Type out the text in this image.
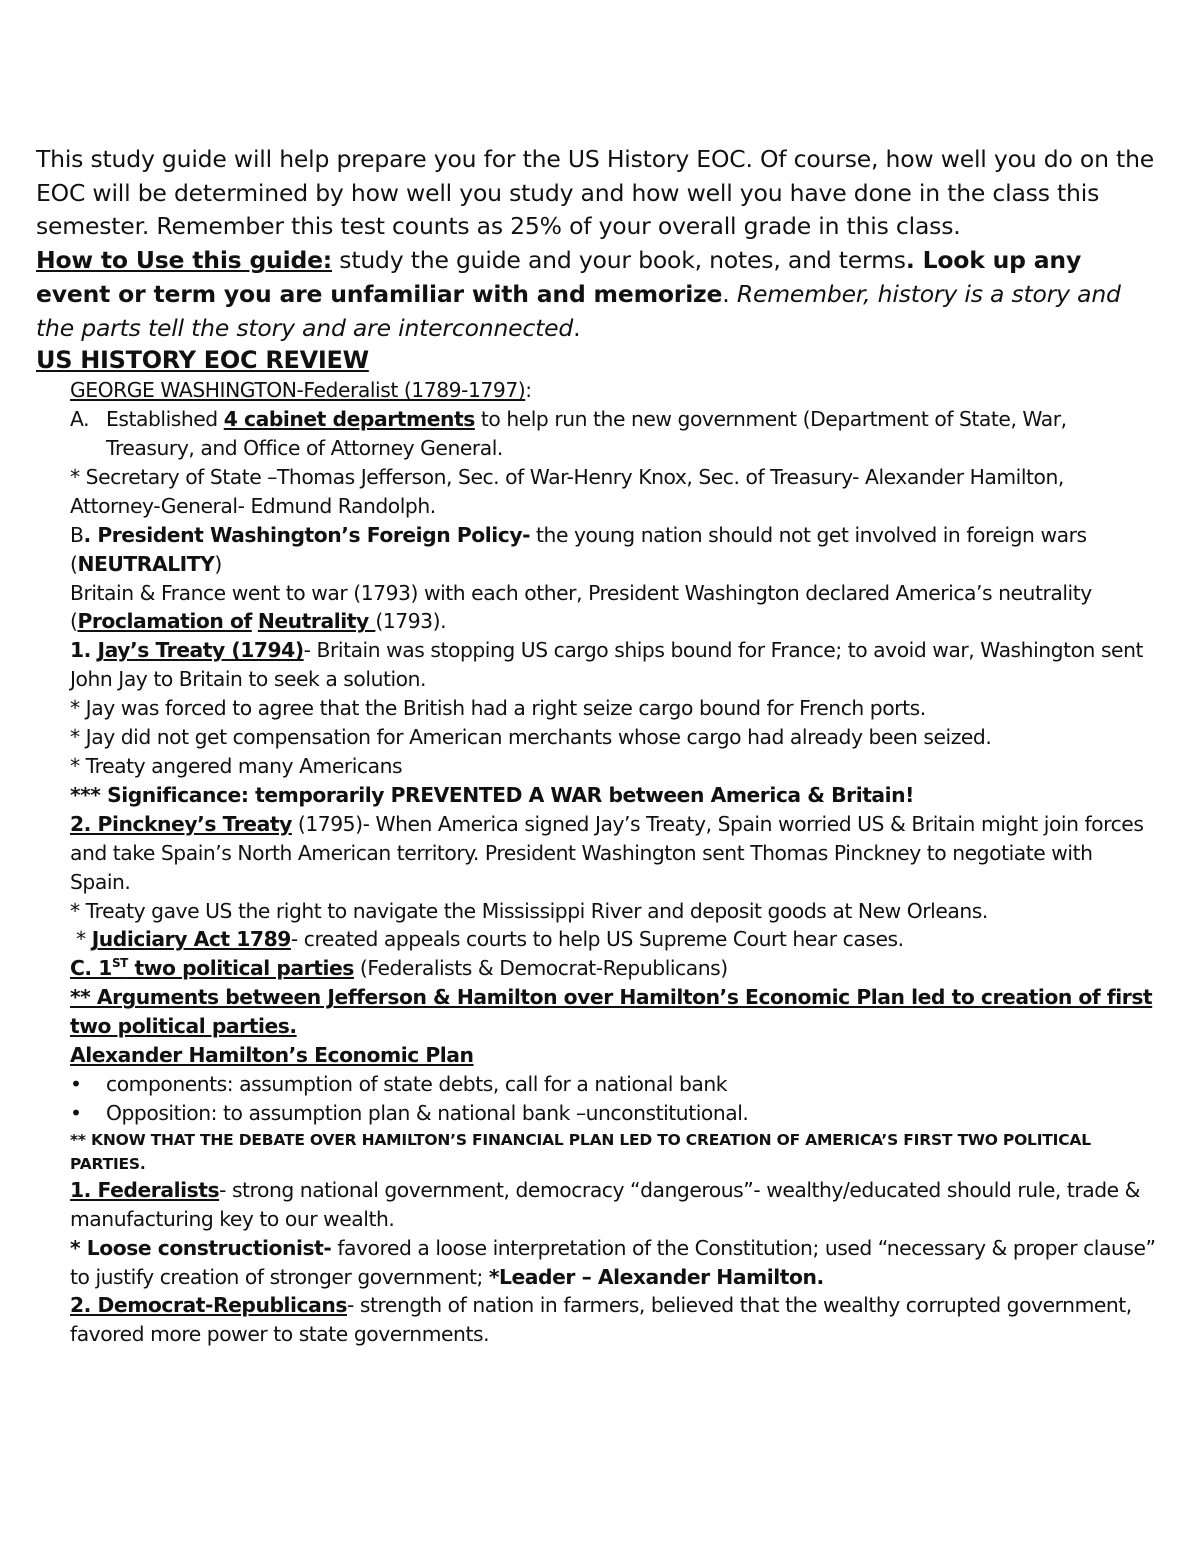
This study guide will help prepare you for the US History EOC. Of course, how well you do on the EOC will be determined by how well you study and how well you have done in the class this semester. Remember this test counts as 25% of your overall grade in this class.

How to Use this guide: study the guide and your book, notes, and terms. Look up any event or term you are unfamiliar with and memorize. Remember, history is a story and the parts tell the story and are interconnected.

US HISTORY EOC REVIEW

GEORGE WASHINGTON-Federalist (1789-1797):

A. Established 4 cabinet departments to help run the new government (Department of State, War, Treasury, and Office of Attorney General.

* Secretary of State –Thomas Jefferson, Sec. of War-Henry Knox, Sec. of Treasury- Alexander Hamilton, Attorney-General- Edmund Randolph.

B. President Washington’s Foreign Policy- the young nation should not get involved in foreign wars (NEUTRALITY)

Britain & France went to war (1793) with each other, President Washington declared America’s neutrality (Proclamation of Neutrality (1793).

1. Jay’s Treaty (1794)- Britain was stopping US cargo ships bound for France; to avoid war, Washington sent John Jay to Britain to seek a solution.

* Jay was forced to agree that the British had a right seize cargo bound for French ports.

* Jay did not get compensation for American merchants whose cargo had already been seized.

* Treaty angered many Americans

*** Significance: temporarily PREVENTED A WAR between America & Britain!

2. Pinckney’s Treaty (1795)- When America signed Jay’s Treaty, Spain worried US & Britain might join forces and take Spain’s North American territory. President Washington sent Thomas Pinckney to negotiate with Spain.

* Treaty gave US the right to navigate the Mississippi River and deposit goods at New Orleans.

* Judiciary Act 1789- created appeals courts to help US Supreme Court hear cases.

C. 1ST two political parties (Federalists & Democrat-Republicans)

** Arguments between Jefferson & Hamilton over Hamilton’s Economic Plan led to creation of first two political parties.

Alexander Hamilton’s Economic Plan

•	components: assumption of state debts, call for a national bank
•	Opposition: to assumption plan & national bank –unconstitutional.

** KNOW THAT THE DEBATE OVER HAMILTON’S FINANCIAL PLAN LED TO CREATION OF AMERICA’S FIRST TWO POLITICAL PARTIES.

1. Federalists- strong national government, democracy “dangerous”- wealthy/educated should rule, trade & manufacturing key to our wealth.

* Loose constructionist- favored a loose interpretation of the Constitution; used “necessary & proper clause” to justify creation of stronger government; *Leader – Alexander Hamilton.

2. Democrat-Republicans- strength of nation in farmers, believed that the wealthy corrupted government, favored more power to state governments.
